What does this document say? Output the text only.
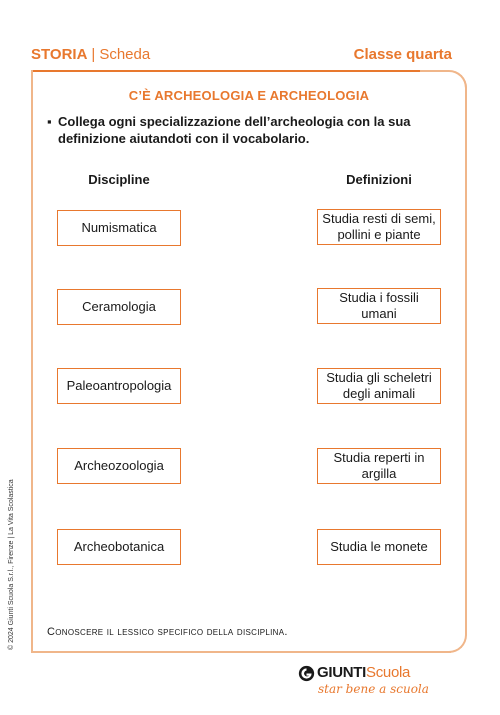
STORIA | Scheda	Classe quarta
C’È ARCHEOLOGIA E ARCHEOLOGIA
▪ Collega ogni specializzazione dell’archeologia con la sua definizione aiutandoti con il vocabolario.
Discipline	Definizioni
Numismatica
Ceramologia
Paleoantropologia
Archeozoologia
Archeobotanica
Studia resti di semi, pollini e piante
Studia i fossili umani
Studia gli scheletri degli animali
Studia reperti in argilla
Studia le monete
Conoscere il lessico specifico della disciplina.
© 2024 Giunti Scuola S.r.l., Firenze | La Vita Scolastica
GIUNTIScuola
star bene a scuola
